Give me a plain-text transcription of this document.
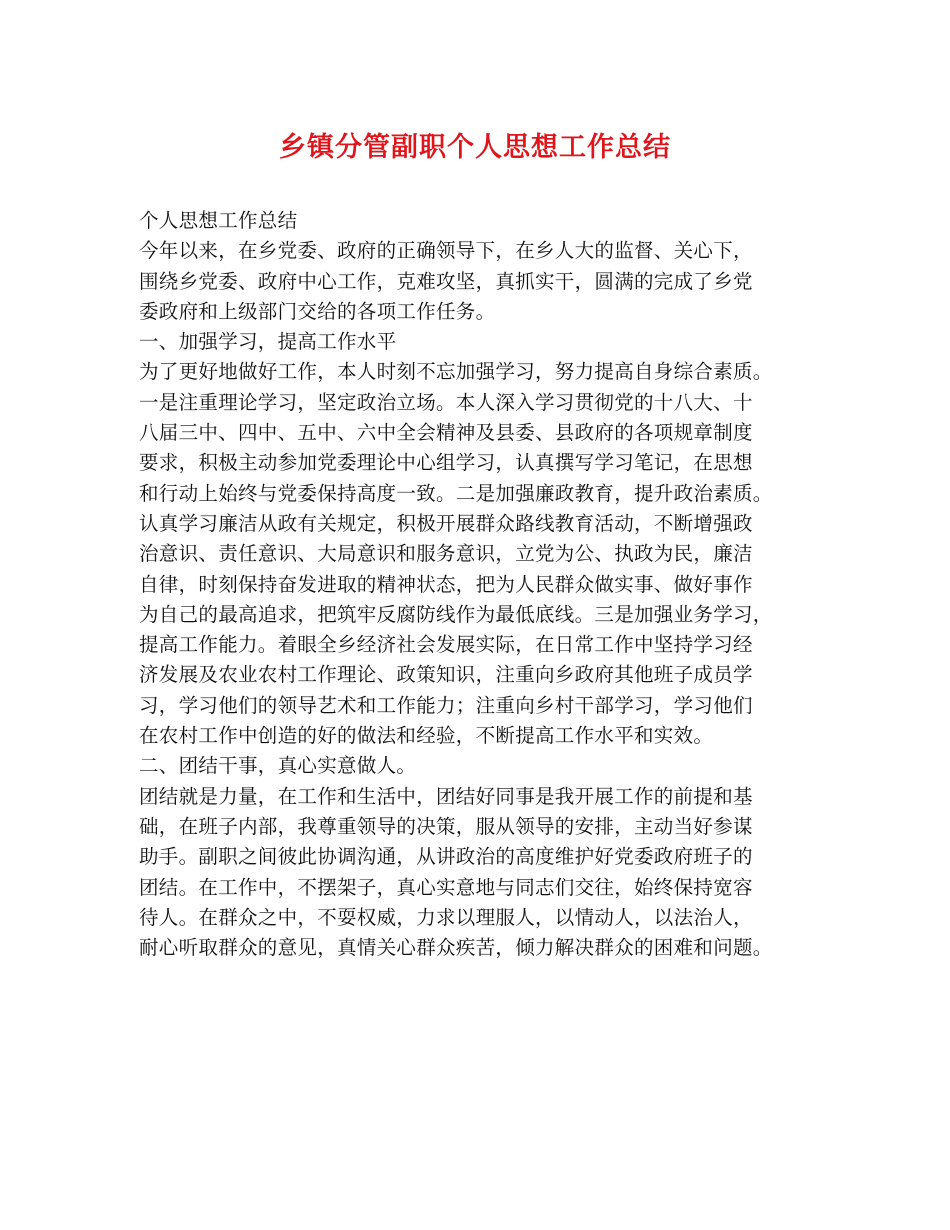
乡镇分管副职个人思想工作总结
个人思想工作总结
今年以来，在乡党委、政府的正确领导下，在乡人大的监督、关心下，
围绕乡党委、政府中心工作，克难攻坚，真抓实干，圆满的完成了乡党
委政府和上级部门交给的各项工作任务。
一、加强学习，提高工作水平
为了更好地做好工作，本人时刻不忘加强学习，努力提高自身综合素质。
一是注重理论学习，坚定政治立场。本人深入学习贯彻党的十八大、十
八届三中、四中、五中、六中全会精神及县委、县政府的各项规章制度
要求，积极主动参加党委理论中心组学习，认真撰写学习笔记，在思想
和行动上始终与党委保持高度一致。二是加强廉政教育，提升政治素质。
认真学习廉洁从政有关规定，积极开展群众路线教育活动，不断增强政
治意识、责任意识、大局意识和服务意识，立党为公、执政为民，廉洁
自律，时刻保持奋发进取的精神状态，把为人民群众做实事、做好事作
为自己的最高追求，把筑牢反腐防线作为最低底线。三是加强业务学习，
提高工作能力。着眼全乡经济社会发展实际，在日常工作中坚持学习经
济发展及农业农村工作理论、政策知识，注重向乡政府其他班子成员学
习，学习他们的领导艺术和工作能力；注重向乡村干部学习，学习他们
在农村工作中创造的好的做法和经验，不断提高工作水平和实效。
二、团结干事，真心实意做人。
团结就是力量，在工作和生活中，团结好同事是我开展工作的前提和基
础，在班子内部，我尊重领导的决策，服从领导的安排，主动当好参谋
助手。副职之间彼此协调沟通，从讲政治的高度维护好党委政府班子的
团结。在工作中，不摆架子，真心实意地与同志们交往，始终保持宽容
待人。在群众之中，不耍权威，力求以理服人，以情动人，以法治人，
耐心听取群众的意见，真情关心群众疾苦，倾力解决群众的困难和问题。
